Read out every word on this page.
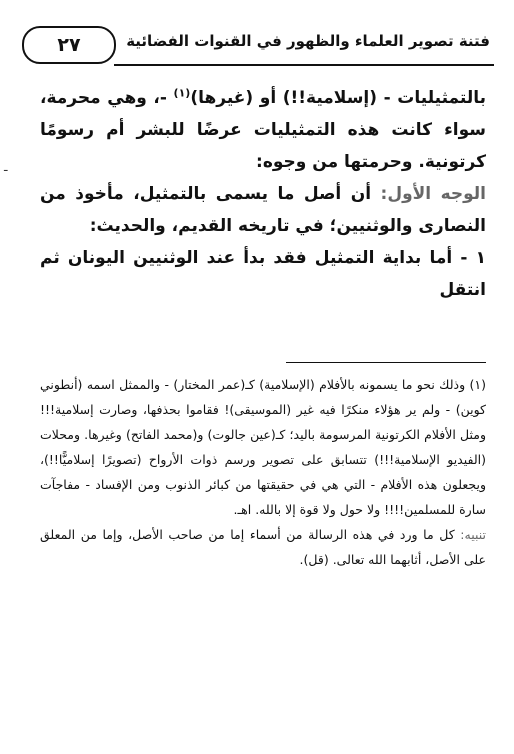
٢٧	فتنة تصوير العلماء والظهور في القنوات الفضائية

بالتمثيليات - (إسلامية!!) أو (غيرها)$^{(١)}$ -، وهي محرمة، سواء كانت هذه التمثيليات عرضًا للبشر أم رسومًا كرتونية. وحرمتها من وجوه:

الوجه الأول: أن أصل ما يسمى بالتمثيل، مأخوذ من النصارى والوثنيين؛ في تاريخه القديم، والحديث:

١ - أما بداية التمثيل فقد بدأ عند الوثنيين اليونان ثم انتقل

(١) وذلك نحو ما يسمونه بالأفلام (الإسلامية) كـ(عمر المختار) - والممثل اسمه (أنطوني كوين) - ولم ير هؤلاء منكرًا فيه غير (الموسيقى)! فقاموا بحذفها، وصارت إسلامية!!! ومثل الأفلام الكرتونية المرسومة باليد؛ كـ(عين جالوت) و(محمد الفاتح) وغيرها. ومحلات (الفيديو الإسلامية!!!) تتسابق على تصوير ورسم ذوات الأرواح (تصويرًا إسلاميًّا!!)، ويجعلون هذه الأفلام - التي هي في حقيقتها من كبائر الذنوب ومن الإفساد - مفاجآت سارة للمسلمين!!!! ولا حول ولا قوة إلا بالله. اهـ.

تنبيه: كل ما ورد في هذه الرسالة من أسماء إما من صاحب الأصل، وإما من المعلق على الأصل، أثابهما الله تعالى. (قل).

ـ
